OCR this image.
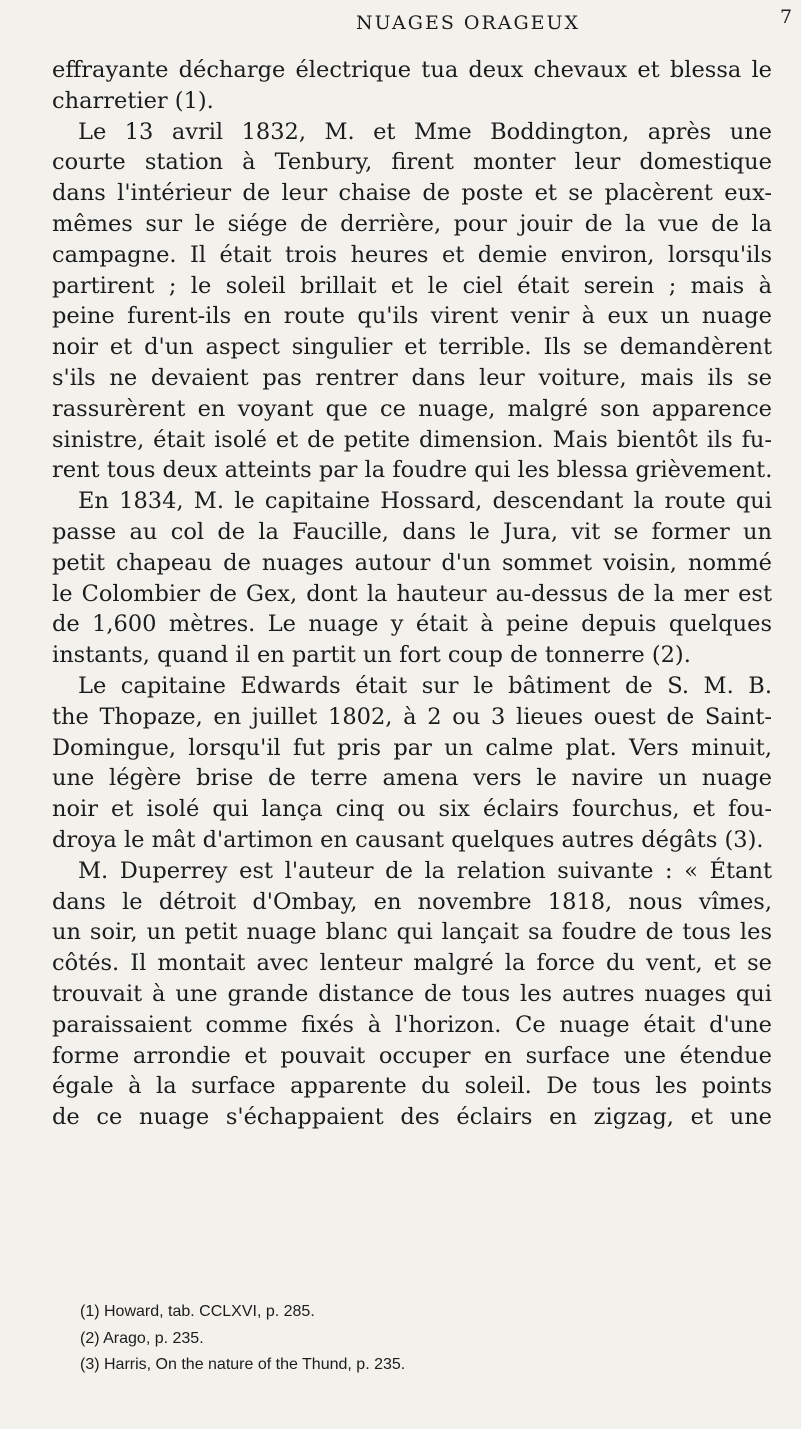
NUAGES ORAGEUX	7
effrayante décharge électrique tua deux chevaux et blessa le
charretier (1).
Le 13 avril 1832, M. et Mme Boddington, après une
courte station à Tenbury, firent monter leur domestique
dans l'intérieur de leur chaise de poste et se placèrent eux-
mêmes sur le siége de derrière, pour jouir de la vue de la
campagne. Il était trois heures et demie environ, lorsqu'ils
partirent ; le soleil brillait et le ciel était serein ; mais à
peine furent-ils en route qu'ils virent venir à eux un nuage
noir et d'un aspect singulier et terrible. Ils se demandèrent
s'ils ne devaient pas rentrer dans leur voiture, mais ils se
rassurèrent en voyant que ce nuage, malgré son apparence
sinistre, était isolé et de petite dimension. Mais bientôt ils fu-
rent tous deux atteints par la foudre qui les blessa grièvement.
En 1834, M. le capitaine Hossard, descendant la route qui
passe au col de la Faucille, dans le Jura, vit se former un
petit chapeau de nuages autour d'un sommet voisin, nommé
le Colombier de Gex, dont la hauteur au-dessus de la mer est
de 1,600 mètres. Le nuage y était à peine depuis quelques
instants, quand il en partit un fort coup de tonnerre (2).
Le capitaine Edwards était sur le bâtiment de S. M. B.
the Thopaze, en juillet 1802, à 2 ou 3 lieues ouest de Saint-
Domingue, lorsqu'il fut pris par un calme plat. Vers minuit,
une légère brise de terre amena vers le navire un nuage
noir et isolé qui lança cinq ou six éclairs fourchus, et fou-
droya le mât d'artimon en causant quelques autres dégâts (3).
M. Duperrey est l'auteur de la relation suivante : « Étant
dans le détroit d'Ombay, en novembre 1818, nous vîmes,
un soir, un petit nuage blanc qui lançait sa foudre de tous les
côtés. Il montait avec lenteur malgré la force du vent, et se
trouvait à une grande distance de tous les autres nuages qui
paraissaient comme fixés à l'horizon. Ce nuage était d'une
forme arrondie et pouvait occuper en surface une étendue
égale à la surface apparente du soleil. De tous les points
de ce nuage s'échappaient des éclairs en zigzag, et une
(1) Howard, tab. CCLXVI, p. 285.
(2) Arago, p. 235.
(3) Harris, On the nature of the Thund, p. 235.
